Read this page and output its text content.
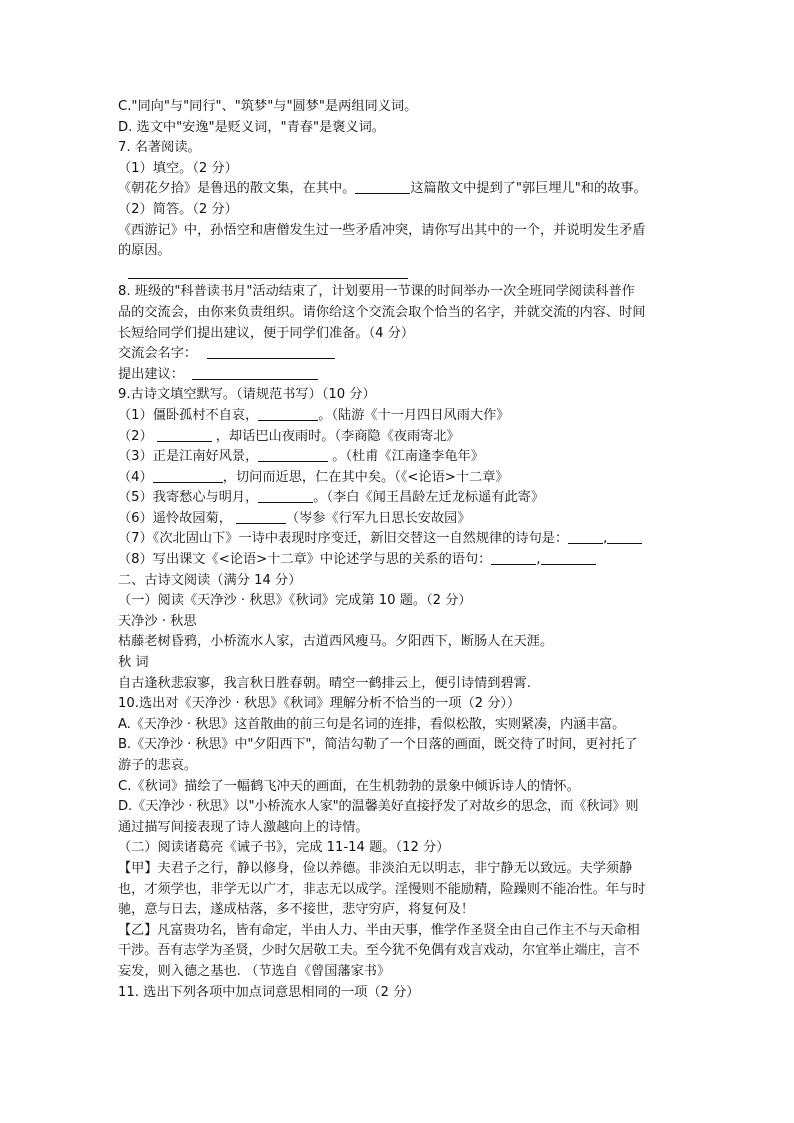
C."同向"与"同行"、"筑梦"与"圆梦"是两组同义词。
D. 选文中"安逸"是贬义词，"青春"是褒义词。
7. 名著阅读。
（1）填空。（2 分）
《朝花夕拾》是鲁迅的散文集，在其中。	这篇散文中提到了"郭巨埋儿"和的故事。
（2）简答。（2 分）
《西游记》中，孙悟空和唐僧发生过一些矛盾冲突，请你写出其中的一个，并说明发生矛盾
的原因。
8. 班级的"科普读书月"活动结束了，计划要用一节课的时间举办一次全班同学阅读科普作
品的交流会，由你来负责组织。请你给这个交流会取个恰当的名字，并就交流的内容、时间
长短给同学们提出建议，便于同学们准备。（4 分）
交流会名字：
提出建议：
9.古诗文填空默写。（请规范书写）（10 分）
（1）僵卧孤村不自哀，	。（陆游《十一月四日风雨大作》
（2）	，却话巴山夜雨时。（李商隐《夜雨寄北》
（3）正是江南好风景，	。（杜甫《江南逢李龟年》
（4）	，切问而近思，仁在其中矣。（《<论语>十二章》
（5）我寄愁心与明月，	。（李白《闻王昌龄左迁龙标遥有此寄》
（6）遥怜故园菊，	（岑参《行军九日思长安故园》
（7）《次北固山下》一诗中表现时序变迁，新旧交替这一自然规律的诗句是：	,
（8）写出课文《<论语>十二章》中论述学与思的关系的语句：	,
二、古诗文阅读（满分 14 分）
（一）阅读《天净沙 · 秋思》《秋词》完成第 10 题。（2 分）
天净沙 · 秋思
枯藤老树昏鸦，小桥流水人家，古道西风瘦马。夕阳西下，断肠人在天涯。
秋 词
自古逢秋悲寂寥，我言秋日胜春朝。晴空一鹤排云上，便引诗情到碧霄.
10.选出对《天净沙 · 秋思》《秋词》理解分析不恰当的一项（2 分））
A.《天净沙 · 秋思》这首散曲的前三句是名词的连排，看似松散，实则紧凑，内涵丰富。
B.《天净沙 · 秋思》中"夕阳西下"，简洁勾勒了一个日落的画面，既交待了时间，更衬托了
游子的悲哀。
C.《秋词》描绘了一幅鹤飞冲天的画面，在生机勃勃的景象中倾诉诗人的情怀。
D.《天净沙 · 秋思》以"小桥流水人家"的温馨美好直接抒发了对故乡的思念，而《秋词》则
通过描写间接表现了诗人激越向上的诗情。
（二）阅读诸葛亮《诫子书》，完成 11-14 题。（12 分）
【甲】夫君子之行，静以修身，俭以养德。非淡泊无以明志，非宁静无以致远。夫学须静
也，才须学也，非学无以广才，非志无以成学。淫慢则不能励精，险躁则不能冶性。年与时
驰，意与日去，遂成枯落，多不接世，悲守穷庐，将复何及！
【乙】凡富贵功名，皆有命定，半由人力、半由天事，惟学作圣贤全由自己作主不与天命相
干涉。吾有志学为圣贤，少时欠居敬工夫。至今犹不免偶有戏言戏动，尔宜举止端庄，言不
妄发，则入德之基也. （节选自《曾国藩家书》
11. 选出下列各项中加点词意思相同的一项（2 分）
